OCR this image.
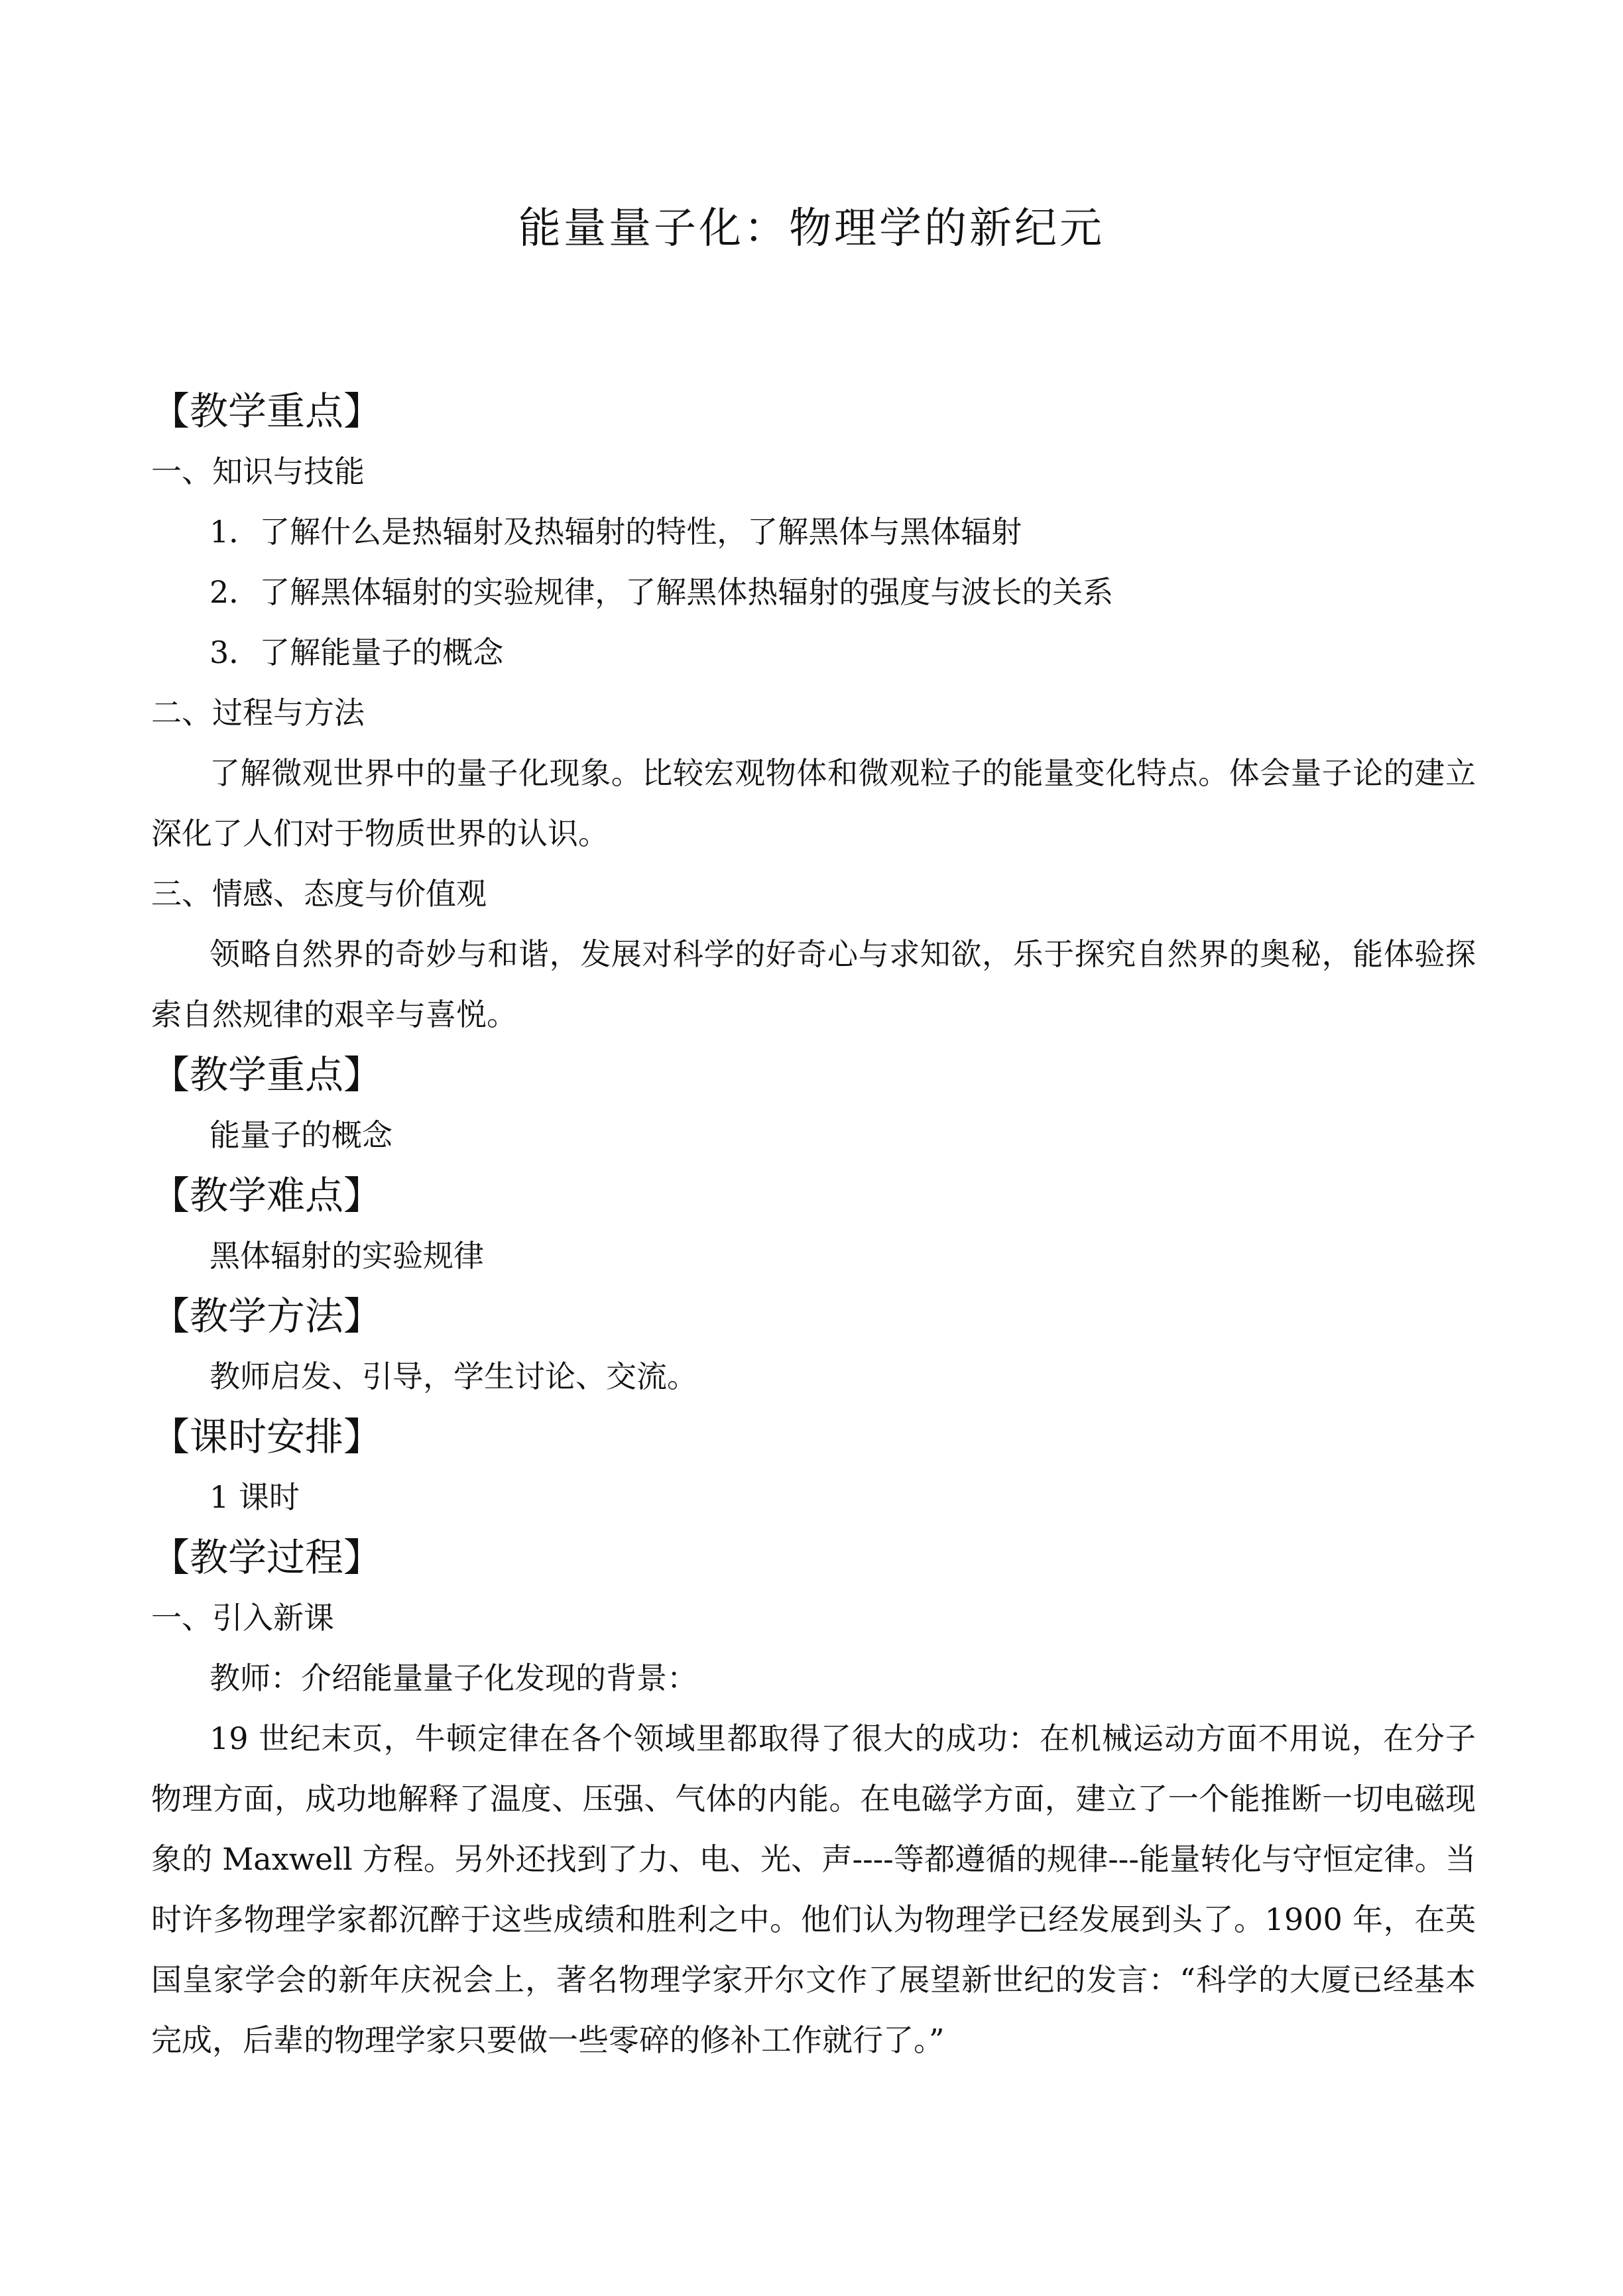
能量量子化：物理学的新纪元
【教学重点】

一、知识与技能

1．了解什么是热辐射及热辐射的特性，了解黑体与黑体辐射

2．了解黑体辐射的实验规律，了解黑体热辐射的强度与波长的关系

3．了解能量子的概念

二、过程与方法

了解微观世界中的量子化现象。比较宏观物体和微观粒子的能量变化特点。体会量子论的建立深化了人们对于物质世界的认识。

三、情感、态度与价值观

领略自然界的奇妙与和谐，发展对科学的好奇心与求知欲，乐于探究自然界的奥秘，能体验探索自然规律的艰辛与喜悦。

【教学重点】

能量子的概念

【教学难点】

黑体辐射的实验规律

【教学方法】

教师启发、引导，学生讨论、交流。

【课时安排】

1 课时

【教学过程】

一、引入新课

教师：介绍能量量子化发现的背景：

19 世纪末页，牛顿定律在各个领域里都取得了很大的成功：在机械运动方面不用说，在分子物理方面，成功地解释了温度、压强、气体的内能。在电磁学方面，建立了一个能推断一切电磁现象的 Maxwell 方程。另外还找到了力、电、光、声----等都遵循的规律---能量转化与守恒定律。当时许多物理学家都沉醉于这些成绩和胜利之中。他们认为物理学已经发展到头了。1900 年，在英国皇家学会的新年庆祝会上，著名物理学家开尔文作了展望新世纪的发言：“科学的大厦已经基本完成，后辈的物理学家只要做一些零碎的修补工作就行了。”
